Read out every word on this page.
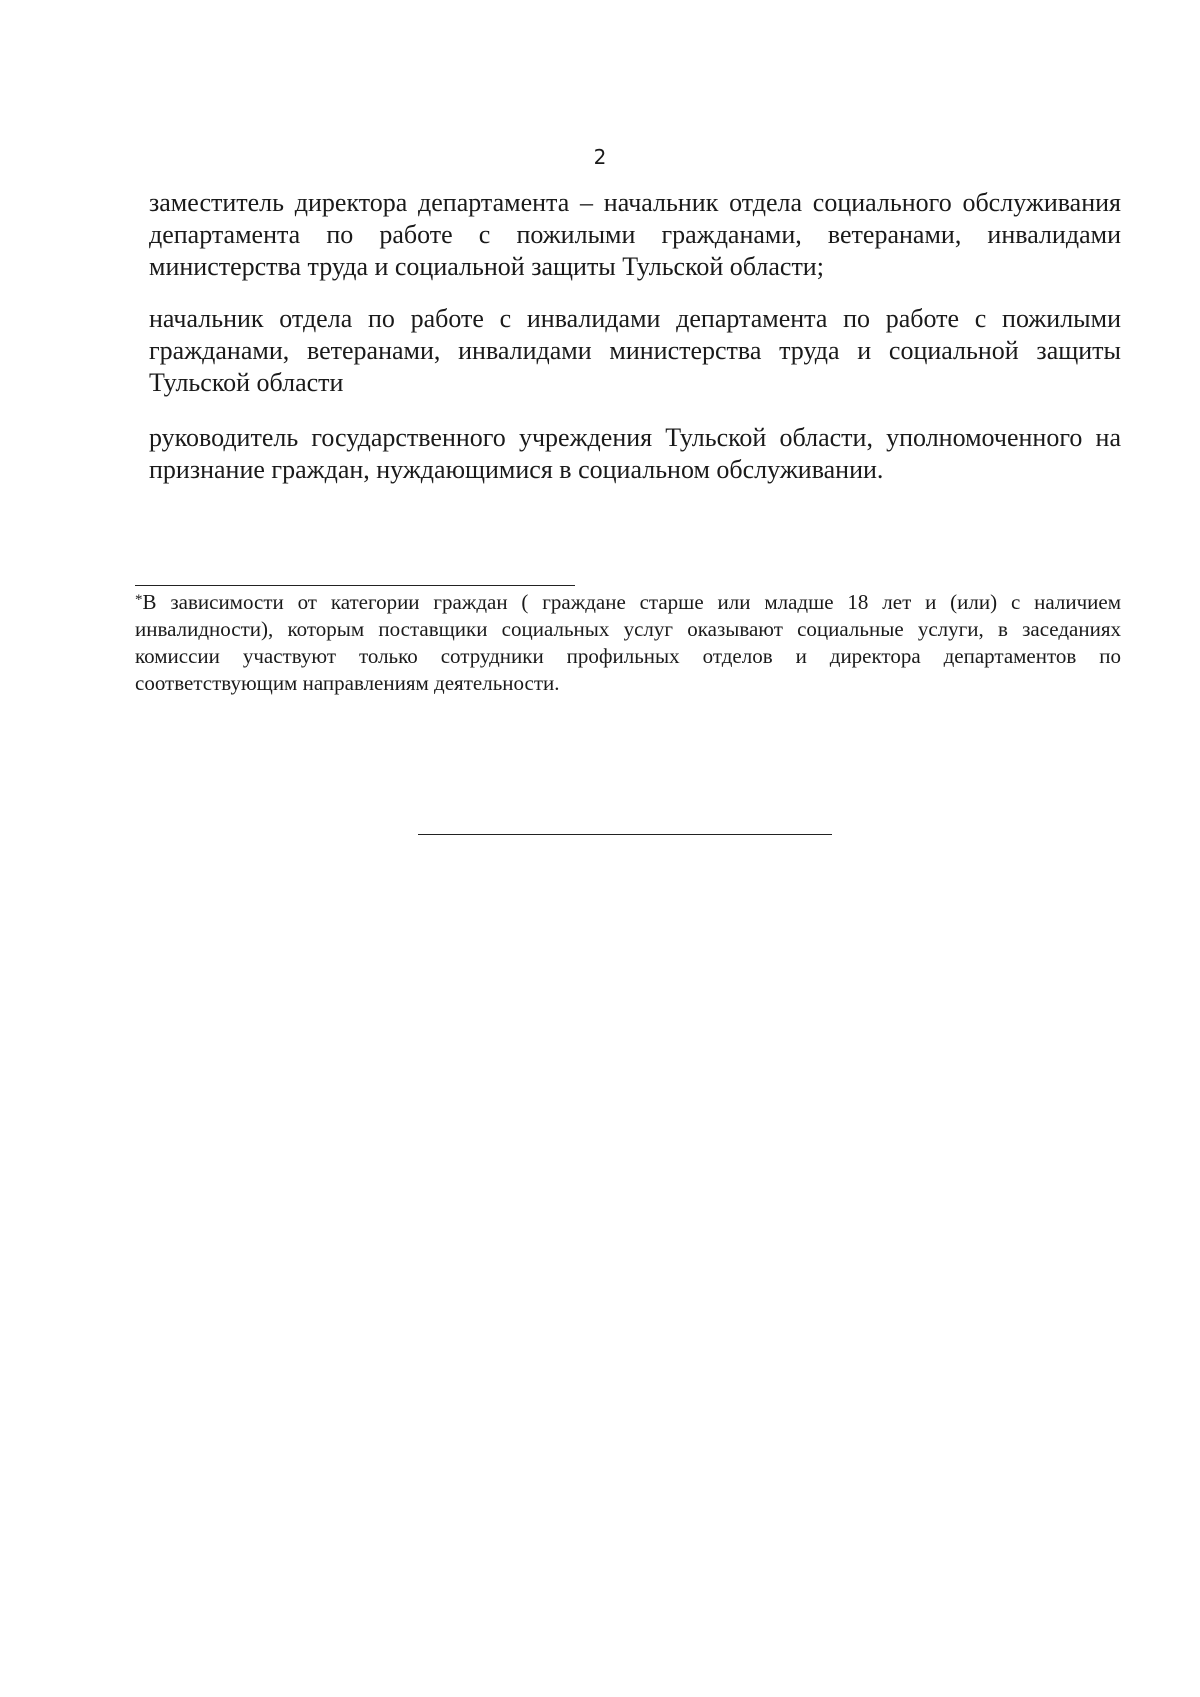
2
заместитель директора департамента – начальник отдела социального обслуживания департамента по работе с пожилыми гражданами, ветеранами, инвалидами министерства труда и социальной защиты Тульской области;
начальник отдела по работе с инвалидами департамента по работе с пожилыми гражданами, ветеранами, инвалидами министерства труда и социальной защиты Тульской области
руководитель государственного учреждения Тульской области, уполномоченного на признание граждан, нуждающимися в социальном обслуживании.
*В зависимости от категории граждан ( граждане старше или младше 18 лет и (или) с наличием инвалидности), которым поставщики социальных услуг оказывают социальные услуги, в заседаниях комиссии участвуют только сотрудники профильных отделов и директора департаментов по соответствующим направлениям деятельности.
